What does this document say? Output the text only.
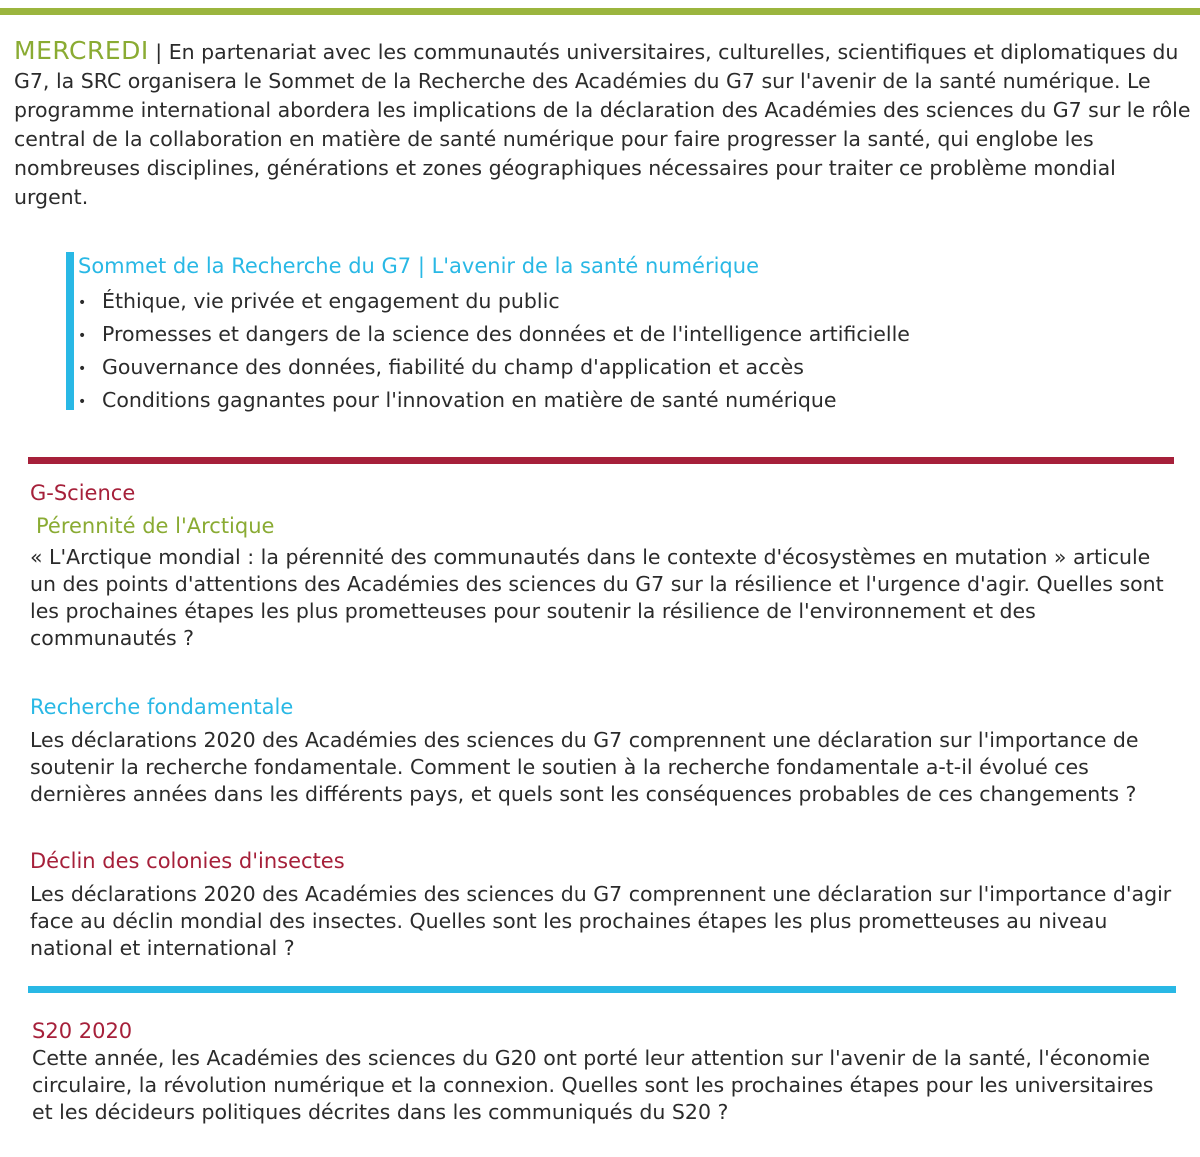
MERCREDI | En partenariat avec les communautés universitaires, culturelles, scientifiques et diplomatiques du G7, la SRC organisera le Sommet de la Recherche des Académies du G7 sur l'avenir de la santé numérique. Le programme international abordera les implications de la déclaration des Académies des sciences du G7 sur le rôle central de la collaboration en matière de santé numérique pour faire progresser la santé, qui englobe les nombreuses disciplines, générations et zones géographiques nécessaires pour traiter ce problème mondial urgent.
Sommet de la Recherche du G7 | L'avenir de la santé numérique
• Éthique, vie privée et engagement du public
• Promesses et dangers de la science des données et de l'intelligence artificielle
• Gouvernance des données, fiabilité du champ d'application et accès
• Conditions gagnantes pour l'innovation en matière de santé numérique
G-Science
Pérennité de l'Arctique
« L'Arctique mondial : la pérennité des communautés dans le contexte d'écosystèmes en mutation » articule un des points d'attentions des Académies des sciences du G7 sur la résilience et l'urgence d'agir. Quelles sont les prochaines étapes les plus prometteuses pour soutenir la résilience de l'environnement et des communautés ?
Recherche fondamentale
Les déclarations 2020 des Académies des sciences du G7 comprennent une déclaration sur l'importance de soutenir la recherche fondamentale. Comment le soutien à la recherche fondamentale a-t-il évolué ces dernières années dans les différents pays, et quels sont les conséquences probables de ces changements ?
Déclin des colonies d'insectes
Les déclarations 2020 des Académies des sciences du G7 comprennent une déclaration sur l'importance d'agir face au déclin mondial des insectes. Quelles sont les prochaines étapes les plus prometteuses au niveau national et international ?
S20 2020
Cette année, les Académies des sciences du G20 ont porté leur attention sur l'avenir de la santé, l'économie circulaire, la révolution numérique et la connexion. Quelles sont les prochaines étapes pour les universitaires et les décideurs politiques décrites dans les communiqués du S20 ?
